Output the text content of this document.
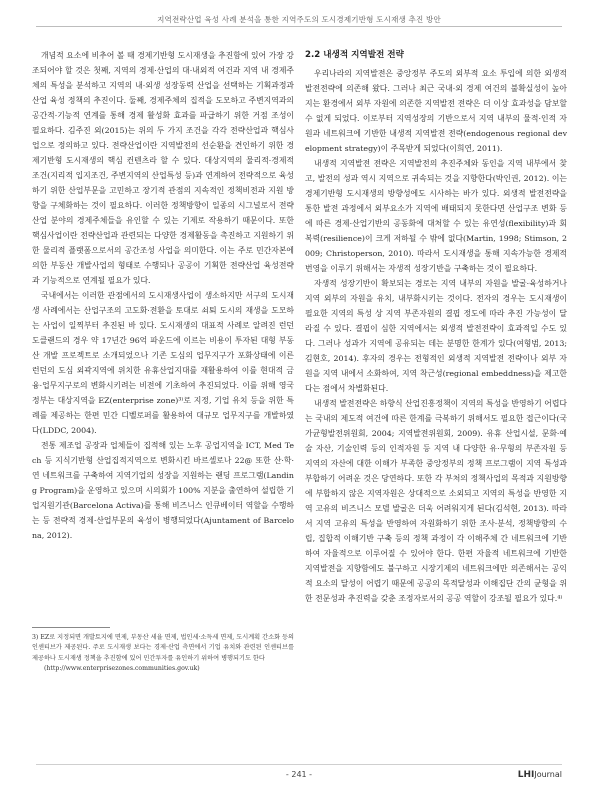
지역전략산업 육성 사례 분석을 통한 지역주도의 도시경제기반형 도시재생 추진 방안

개념적 요소에 비추어 볼 때 경제기반형 도시재생을 추진함에 있어 가장 강조되어야 할 것은 첫째, 지역의 경제·산업의 대·내외적 여건과 지역 내 경제주체의 특성을 분석하고 지역의 내·외생 성장동력 산업을 선택하는 기획과정과 산업 육성 정책의 추진이다. 둘째, 경제주체의 집적을 도모하고 주변지역과의 공간적·기능적 연계를 통해 경제 활성화 효과를 파급하기 위한 거점 조성이 필요하다. 김주진 외(2015)는 위의 두 가지 조건을 각각 전략산업과 핵심사업으로 정의하고 있다. 전략산업이란 지역발전의 선순환을 견인하기 위한 경제기반형 도시재생의 핵심 컨텐츠라 할 수 있다. 대상지역의 물리적·경제적 조건(지리적 입지조건, 주변지역의 산업특성 등)과 연계하여 전략적으로 육성하기 위한 산업부문을 고민하고 장기적 관점의 지속적인 정책비전과 지원 방향을 구체화하는 것이 필요하다. 이러한 정책방향이 일종의 시그널로서 전략산업 분야의 경제주체들을 유인할 수 있는 기제로 작용하기 때문이다. 또한 핵심사업이란 전략산업과 관련되는 다양한 경제활동을 촉진하고 지원하기 위한 물리적 플랫폼으로서의 공간조성 사업을 의미한다. 이는 주로 민간자본에 의한 부동산 개발사업의 형태로 수행되나 공공이 기획한 전략산업 육성전략과 기능적으로 연계될 필요가 있다.

국내에서는 이러한 관점에서의 도시재생사업이 생소하지만 서구의 도시재생 사례에서는 산업구조의 고도화·전환을 토대로 쇠퇴 도시의 재생을 도모하는 사업이 일찍부터 추진된 바 있다. 도시재생의 대표적 사례로 알려진 런던 도클랜드의 경우 약 17년간 96억 파운드에 이르는 비용이 투자된 대형 부동산 개발 프로젝트로 소개되었으나 기존 도심의 업무지구가 포화상태에 이른 런던의 도심 외곽지역에 위치한 유휴산업지대를 재활용하여 이를 현대적 금융·업무지구로의 변화시키려는 비전에 기초하여 추진되었다. 이를 위해 영국 정부는 대상지역을 EZ(enterprise zone)³⁾로 지정, 기업 유치 등을 위한 특례를 제공하는 한편 민간 디벨로퍼를 활용하여 대규모 업무지구를 개발하였다(LDDC, 2004).

전통 제조업 공장과 업체들이 집적해 있는 노후 공업지역을 ICT, Med Tech 등 지식기반형 산업집적지역으로 변화시킨 바르셀로나 22@ 또한 산·학·연 네트워크를 구축하여 지역기업의 성장을 지원하는 랜딩 프로그램(Landing Program)을 운영하고 있으며 시의회가 100% 지분을 출연하여 설립한 기업지원기관(Barcelona Activa)를 통해 비즈니스 인큐베이터 역할을 수행하는 등 전략적 경제·산업부문의 육성이 병행되었다(Ajuntament of Barcelona, 2012).

2.2 내생적 지역발전 전략

우리나라의 지역발전은 중앙정부 주도의 외부적 요소 투입에 의한 외생적 발전전략에 의존해 왔다. 그러나 최근 국내·외 경제 여건의 불확실성이 높아지는 환경에서 외부 자원에 의존한 지역발전 전략은 더 이상 효과성을 담보할 수 없게 되었다. 이로부터 지역성장의 기반으로서 지역 내부의 물적·인적 자원과 네트워크에 기반한 내생적 지역발전 전략(endogenous regional development strategy)이 주목받게 되었다(이희연, 2011).

내생적 지역발전 전략은 지역발전의 추진주체와 동인을 지역 내부에서 찾고, 발전의 성과 역시 지역으로 귀속되는 것을 지향한다(박인권, 2012). 이는 경제기반형 도시재생의 방향성에도 시사하는 바가 있다. 외생적 발전전략을 통한 발전 과정에서 외부요소가 지역에 배태되지 못한다면 산업구조 변화 등에 따른 경제·산업기반의 공동화에 대처할 수 있는 유연성(flexibility)과 회복력(resilience)이 크게 저하될 수 밖에 없다(Martin, 1998; Stimson, 2009; Christoperson, 2010). 따라서 도시재생을 통해 지속가능한 경제적 번영을 이루기 위해서는 자생적 성장기반을 구축하는 것이 필요하다.

자생적 성장기반이 확보되는 경로는 지역 내부의 자원을 발굴·육성하거나 지역 외부의 자원을 유치, 내부화시키는 것이다. 전자의 경우는 도시재생이 필요한 지역의 특성 상 지역 부존자원의 결핍 정도에 따라 추진 가능성이 달라질 수 있다. 결핍이 심한 지역에서는 외생적 발전전략이 효과적일 수도 있다. 그러나 성과가 지역에 공유되는 데는 분명한 한계가 있다(여형범, 2013; 김현호, 2014). 후자의 경우는 전형적인 외생적 지역발전 전략이나 외부 자원을 지역 내에서 소화하여, 지역 착근성(regional embeddness)을 제고한다는 점에서 차별화된다.

내생적 발전전략은 하향식 산업진흥정책이 지역의 특성을 반영하기 어렵다는 국내의 제도적 여건에 따른 한계를 극복하기 위해서도 필요한 접근이다(국가균형발전위원회, 2004; 지역발전위원회, 2009). 유휴 산업시설, 문화·예술 자산, 기술인력 등의 인적자원 등 지역 내 다양한 유·무형의 부존자원 등 지역의 자산에 대한 이해가 부족한 중앙정부의 정책 프로그램이 지역 특성과 부합하기 어려운 것은 당연하다. 또한 각 부처의 정책사업의 목적과 지원방향에 부합하지 않은 지역자원은 상대적으로 소외되고 지역의 특성을 반영한 지역 고유의 비즈니스 모델 발굴은 더욱 어려워지게 된다(김석현, 2013). 따라서 지역 고유의 특성을 반영하여 자원화하기 위한 조사·분석, 정책방향의 수립, 집합적 이해기반 구축 등의 정책 과정이 각 이해주체 간 네트워크에 기반하여 자율적으로 이루어질 수 있어야 한다. 한편 자율적 네트워크에 기반한 지역발전을 지향함에도 불구하고 시장기제의 네트워크에만 의존해서는 공익적 요소의 달성이 어렵기 때문에 공공의 목적달성과 이해집단 간의 균형을 위한 전문성과 추진력을 갖춘 조정자로서의 공공 역할이 강조될 필요가 있다.⁴⁾

3) EZ로 지정되면 개발토지에 면제, 부동산 세율 면제, 법인세·소득세 면제, 도시계획 간소화 등의 인센티브가 제공된다. 주로 도시재생 보다는 경제·산업 측면에서 기업 유치와 관련된 인센티브를 제공하나 도시재생 정책을 추진함에 있어 민간투자를 유인하기 위하여 병행되기도 한다
(http://www.enterprisezones.communities.gov.uk)
- 241 -	LHIJournal
